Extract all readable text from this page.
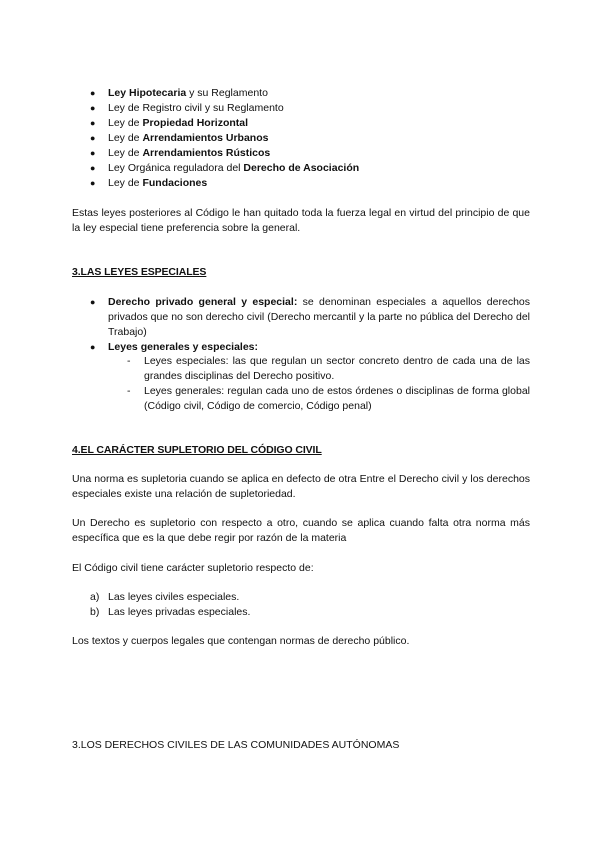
● Ley Hipotecaria y su Reglamento
● Ley de Registro civil y su Reglamento
● Ley de Propiedad Horizontal
● Ley de Arrendamientos Urbanos
● Ley de Arrendamientos Rústicos
● Ley Orgánica reguladora del Derecho de Asociación
● Ley de Fundaciones

Estas leyes posteriores al Código le han quitado toda la fuerza legal en virtud del principio de que la ley especial tiene preferencia sobre la general.

3.LAS LEYES ESPECIALES
● Derecho privado general y especial: se denominan especiales a aquellos derechos privados que no son derecho civil (Derecho mercantil y la parte no pública del Derecho del Trabajo)
● Leyes generales y especiales:
- Leyes especiales: las que regulan un sector concreto dentro de cada una de las grandes disciplinas del Derecho positivo.
- Leyes generales: regulan cada uno de estos órdenes o disciplinas de forma global (Código civil, Código de comercio, Código penal)
4.EL CARÁCTER SUPLETORIO DEL CÓDIGO CIVIL

Una norma es supletoria cuando se aplica en defecto de otra Entre el Derecho civil y los derechos especiales existe una relación de supletoriedad.

Un Derecho es supletorio con respecto a otro, cuando se aplica cuando falta otra norma más específica que es la que debe regir por razón de la materia

El Código civil tiene carácter supletorio respecto de:

a) Las leyes civiles especiales.
b) Las leyes privadas especiales.

Los textos y cuerpos legales que contengan normas de derecho público.

3.LOS DERECHOS CIVILES DE LAS COMUNIDADES AUTÓNOMAS
